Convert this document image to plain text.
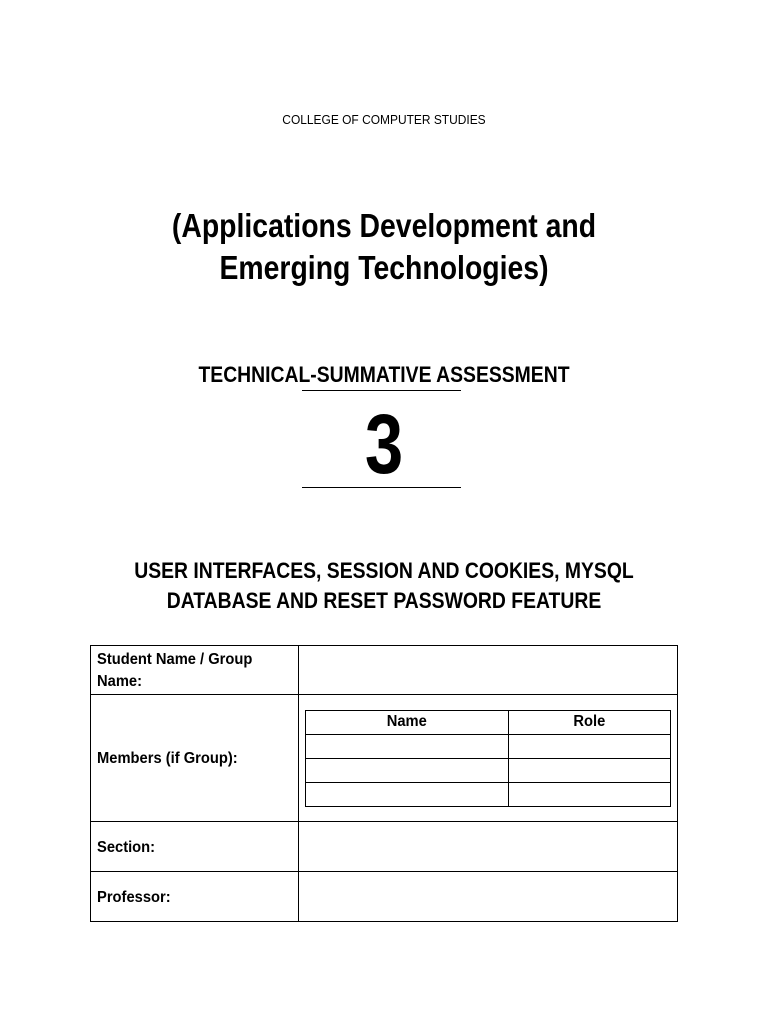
COLLEGE OF COMPUTER STUDIES
(Applications Development and Emerging Technologies)
TECHNICAL-SUMMATIVE ASSESSMENT
3
USER INTERFACES, SESSION AND COOKIES, MYSQL DATABASE AND RESET PASSWORD FEATURE
Student Name / Group
Name:	
Members (if Group):	
Name	Role

Section:	
Professor:	
